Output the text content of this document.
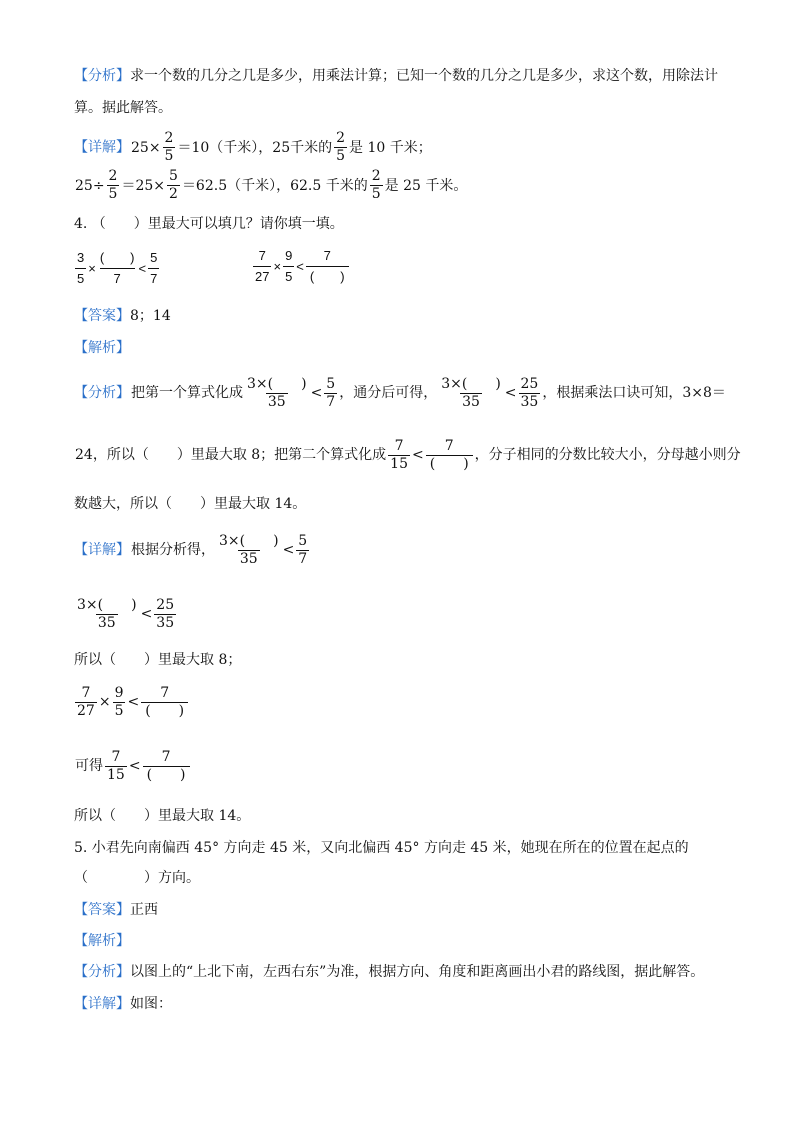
【分析】求一个数的几分之几是多少，用乘法计算；已知一个数的几分之几是多少，求这个数，用除法计
算。据此解答。
【详解】$25\times \frac{2}{5} =10$（千米），25千米的 $\frac{2}{5}$ 是 10 千米；
$25\div \frac{2}{5} =25\times \frac{5}{2} =62.5$（千米），62.5 千米的 $\frac{2}{5}$ 是 25 千米。
4. （　　）里最大可以填几？请你填一填。
$\frac{3}{5} \times \frac{( )}{7} < \frac{5}{7}$	$\frac{7}{27} \times \frac{9}{5} < \frac{7}{( )}$
【答案】8；14
【解析】
【分析】把第一个算式化成 $\frac{3\times( )}{35} < \frac{5}{7}$ ，通分后可得， $\frac{3\times( )}{35} < \frac{25}{35}$ ，根据乘法口诀可知，3×8＝
24，所以（　　）里最大取 8；把第二个算式化成 $\frac{7}{15} < \frac{7}{( )}$ ，分子相同的分数比较大小，分母越小则分
数越大，所以（　　）里最大取 14。
【详解】根据分析得， $\frac{3\times( )}{35} < \frac{5}{7}$
$\frac{3\times( )}{35} < \frac{25}{35}$
所以（　　）里最大取 8；
$\frac{7}{27} \times \frac{9}{5} < \frac{7}{( )}$
可得 $\frac{7}{15} < \frac{7}{( )}$
所以（　　）里最大取 14。
5. 小君先向南偏西 45° 方向走 45 米，又向北偏西 45° 方向走 45 米，她现在所在的位置在起点的
（　　　　）方向。
【答案】正西
【解析】
【分析】以图上的“上北下南，左西右东”为准，根据方向、角度和距离画出小君的路线图，据此解答。
【详解】如图：
